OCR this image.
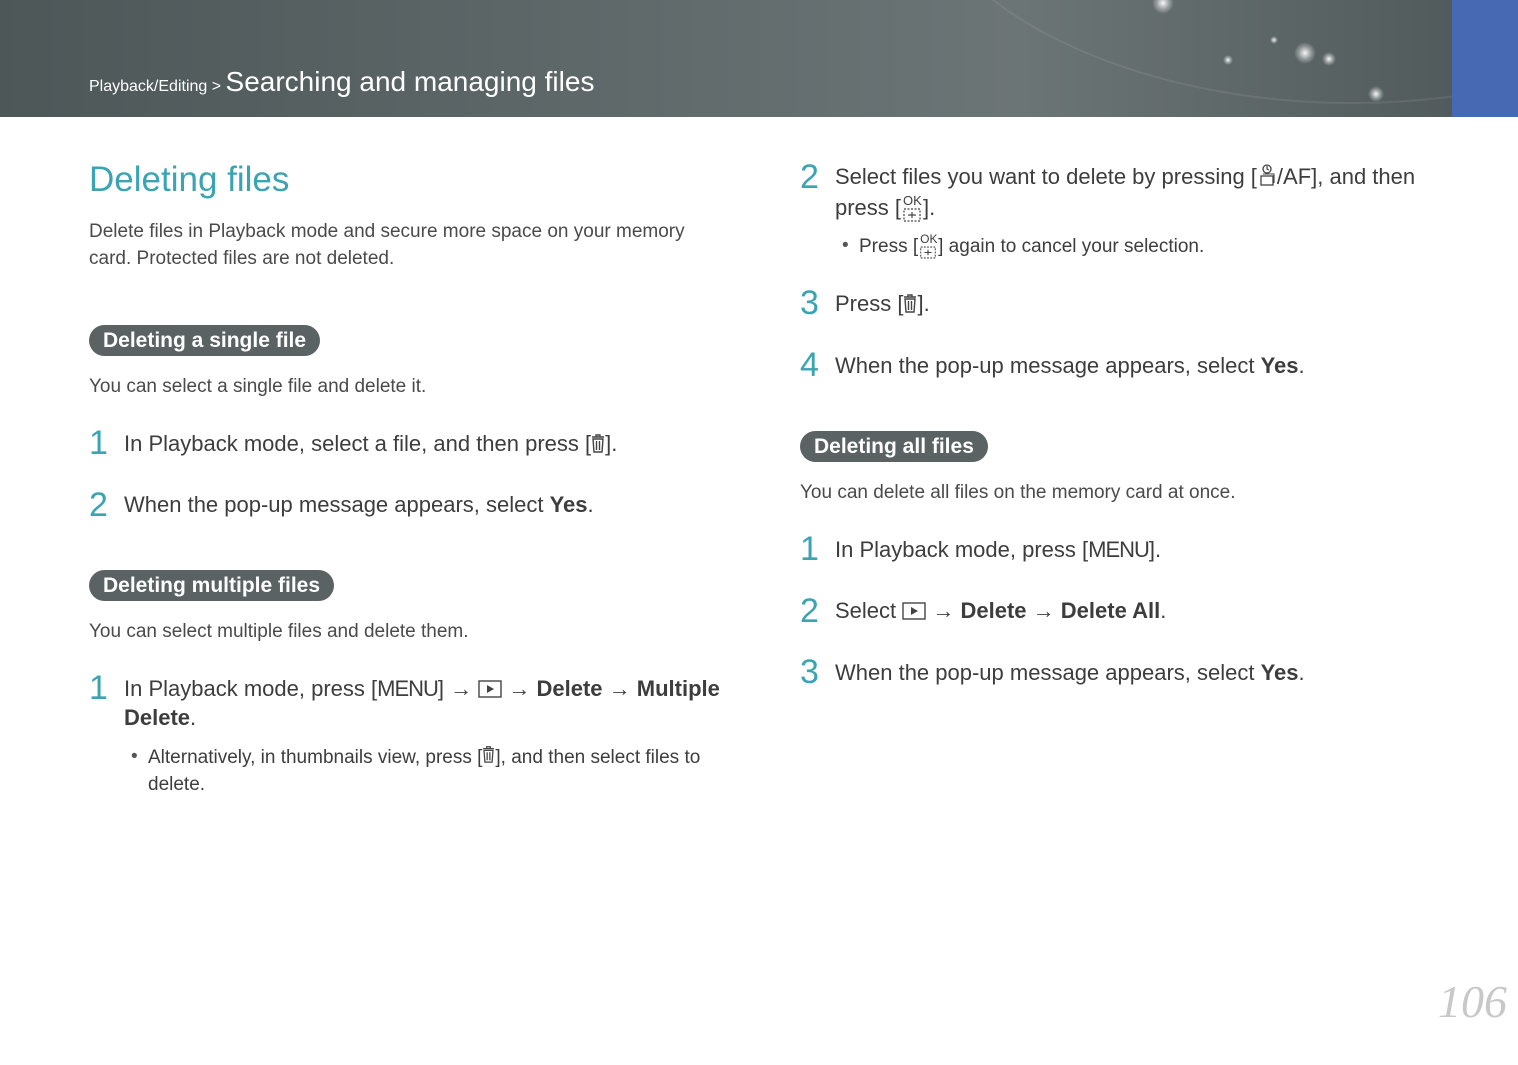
Playback/Editing > Searching and managing files
Deleting files
Delete files in Playback mode and secure more space on your memory
card. Protected files are not deleted.
Deleting a single file
You can select a single file and delete it.
1 In Playback mode, select a file, and then press [ ].
2 When the pop-up message appears, select Yes.
Deleting multiple files
You can select multiple files and delete them.
1 In Playback mode, press [MENU] →  → Delete → Multiple
Delete.
• Alternatively, in thumbnails view, press [ ], and then select files to
delete.
2 Select files you want to delete by pressing [ /AF], and then
press [ OK ].
• Press [ OK ] again to cancel your selection.
3 Press [ ].
4 When the pop-up message appears, select Yes.
Deleting all files
You can delete all files on the memory card at once.
1 In Playback mode, press [MENU].
2 Select  → Delete → Delete All.
3 When the pop-up message appears, select Yes.
106
